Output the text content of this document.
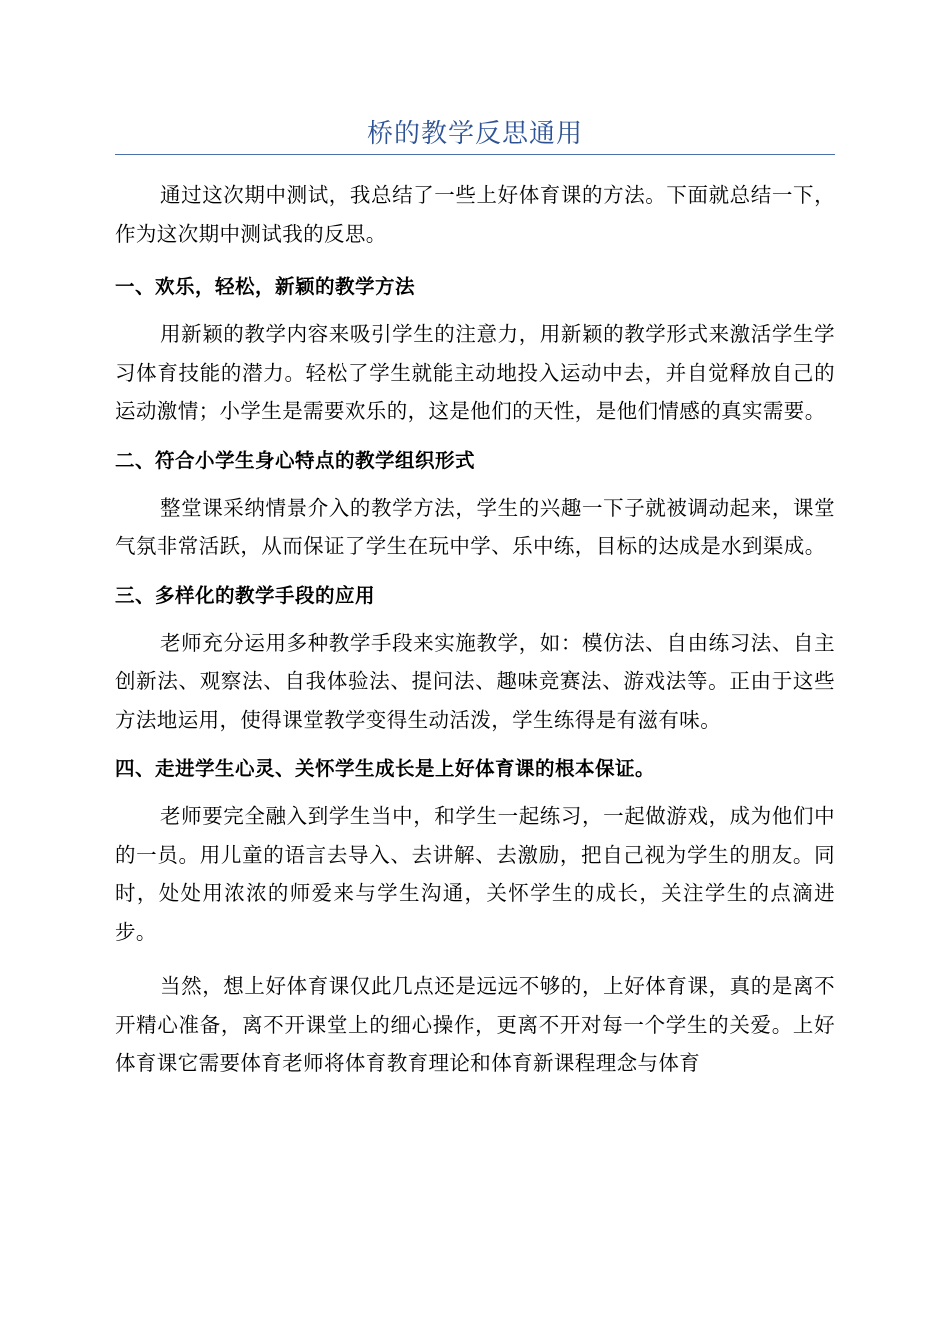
桥的教学反思通用

通过这次期中测试，我总结了一些上好体育课的方法。下面就总结一下，作为这次期中测试我的反思。

一、欢乐，轻松，新颖的教学方法

用新颖的教学内容来吸引学生的注意力，用新颖的教学形式来激活学生学习体育技能的潜力。轻松了学生就能主动地投入运动中去，并自觉释放自己的运动激情；小学生是需要欢乐的，这是他们的天性，是他们情感的真实需要。

二、符合小学生身心特点的教学组织形式

整堂课采纳情景介入的教学方法，学生的兴趣一下子就被调动起来，课堂气氛非常活跃，从而保证了学生在玩中学、乐中练，目标的达成是水到渠成。

三、多样化的教学手段的应用

老师充分运用多种教学手段来实施教学，如：模仿法、自由练习法、自主创新法、观察法、自我体验法、提问法、趣味竞赛法、游戏法等。正由于这些方法地运用，使得课堂教学变得生动活泼，学生练得是有滋有味。

四、走进学生心灵、关怀学生成长是上好体育课的根本保证。

老师要完全融入到学生当中，和学生一起练习，一起做游戏，成为他们中的一员。用儿童的语言去导入、去讲解、去激励，把自己视为学生的朋友。同时，处处用浓浓的师爱来与学生沟通，关怀学生的成长，关注学生的点滴进步。

当然，想上好体育课仅此几点还是远远不够的，上好体育课，真的是离不开精心准备，离不开课堂上的细心操作，更离不开对每一个学生的关爱。上好体育课它需要体育老师将体育教育理论和体育新课程理念与体育
